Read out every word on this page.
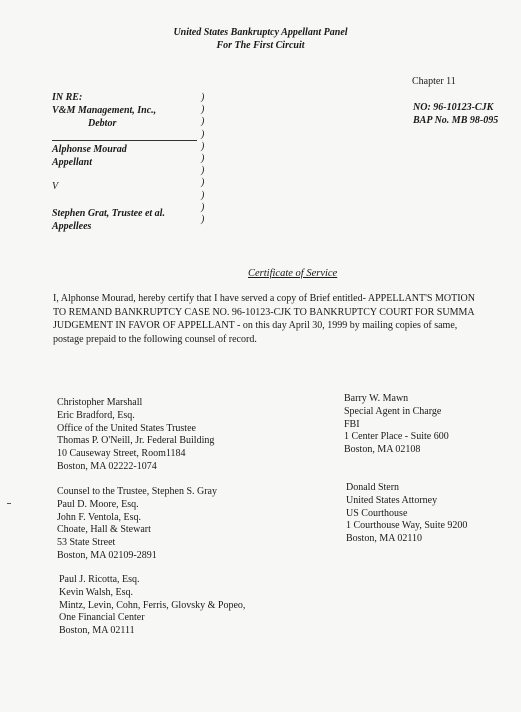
United States Bankruptcy Appellant Panel
For The First Circuit
Chapter 11
NO: 96-10123-CJK
BAP No. MB 98-095
IN RE:
V&M Management, Inc.,
Debtor
Alphonse Mourad
Appellant
V
Stephen Grat, Trustee et al.
Appellees
)
)
)
)
)
)
)
)
)
)
)
Certificate of Service
I, Alphonse Mourad, hereby certify that I have served a copy of Brief entitled- APPELLANT'S MOTION
TO REMAND BANKRUPTCY CASE NO. 96-10123-CJK TO BANKRUPTCY COURT FOR SUMMA
JUDGEMENT IN FAVOR OF APPELLANT - on this day April 30, 1999 by mailing copies of same,
postage prepaid to the following counsel of record.
Christopher Marshall
Eric Bradford, Esq.
Office of the United States Trustee
Thomas P. O'Neill, Jr. Federal Building
10 Causeway Street, Room1184
Boston, MA 02222-1074
Counsel to the Trustee, Stephen S. Gray
Paul D. Moore, Esq.
John F. Ventola, Esq.
Choate, Hall & Stewart
53 State Street
Boston, MA 02109-2891
Paul J. Ricotta, Esq.
Kevin Walsh, Esq.
Mintz, Levin, Cohn, Ferris, Glovsky & Popeo,
One Financial Center
Boston, MA 02111
Barry W. Mawn
Special Agent in Charge
FBI
1 Center Place - Suite 600
Boston, MA 02108
Donald Stern
United States Attorney
US Courthouse
1 Courthouse Way, Suite 9200
Boston, MA 02110
